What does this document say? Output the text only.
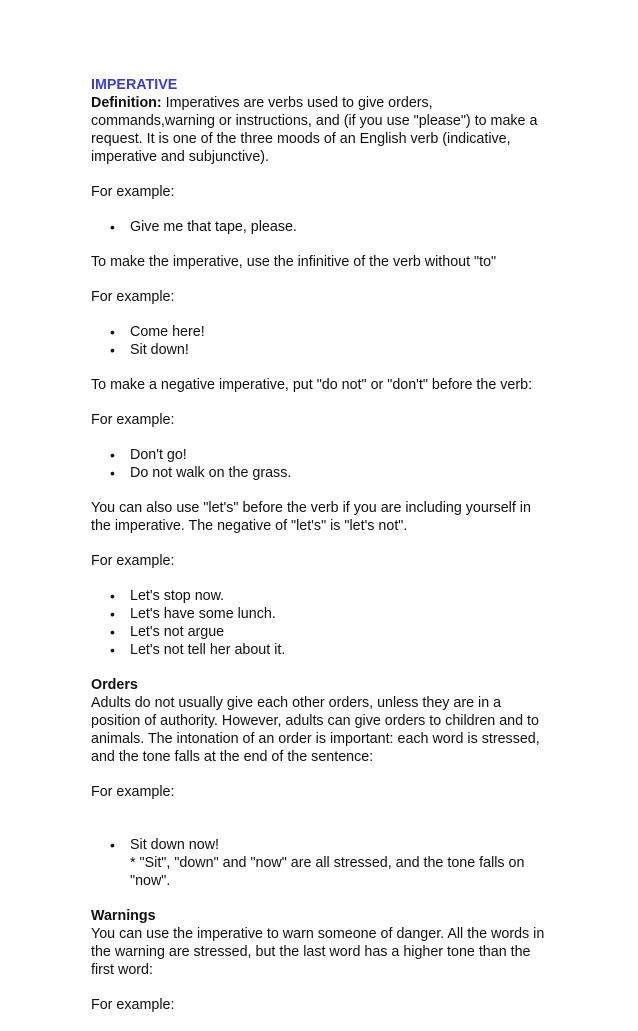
IMPERATIVE

Definition: Imperatives are verbs used to give orders, commands,warning or instructions, and (if you use "please") to make a request. It is one of the three moods of an English verb (indicative, imperative and subjunctive).

For example:

• Give me that tape, please.

To make the imperative, use the infinitive of the verb without "to"

For example:

• Come here!
• Sit down!

To make a negative imperative, put "do not" or "don't" before the verb:

For example:

• Don't go!
• Do not walk on the grass.

You can also use "let's" before the verb if you are including yourself in the imperative. The negative of "let's" is "let's not".

For example:

• Let's stop now.
• Let's have some lunch.
• Let's not argue
• Let's not tell her about it.

Orders

Adults do not usually give each other orders, unless they are in a position of authority. However, adults can give orders to children and to animals. The intonation of an order is important: each word is stressed, and the tone falls at the end of the sentence:

For example:

• Sit down now!
* "Sit", "down" and "now" are all stressed, and the tone falls on "now".

Warnings

You can use the imperative to warn someone of danger. All the words in the warning are stressed, but the last word has a higher tone than the first word:

For example:
